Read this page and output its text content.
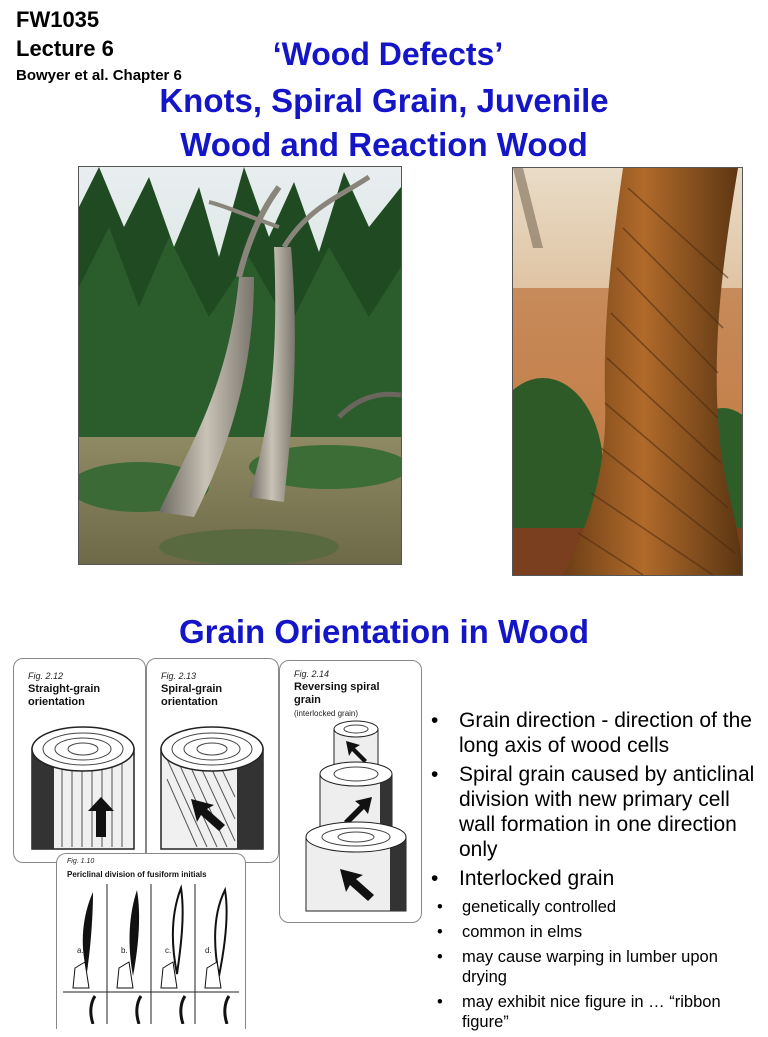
FW1035
Lecture 6
Bowyer et al. Chapter 6
‘Wood Defects’
Knots, Spiral Grain, Juvenile
Wood and Reaction Wood
Grain Orientation in Wood
Fig. 2.12
Straight-grain
orientation
Fig. 2.13
Spiral-grain
orientation
Fig. 2.14
Reversing spiral
grain
(interlocked grain)
Fig. 1.10
Periclinal division of fusiform initials
a.	b.	c.	d.
• Grain direction - direction of the long axis of wood cells
• Spiral grain caused by anticlinal division with new primary cell wall formation in one direction only
• Interlocked grain
• genetically controlled
• common in elms
• may cause warping in lumber upon drying
• may exhibit nice figure in … “ribbon figure”
